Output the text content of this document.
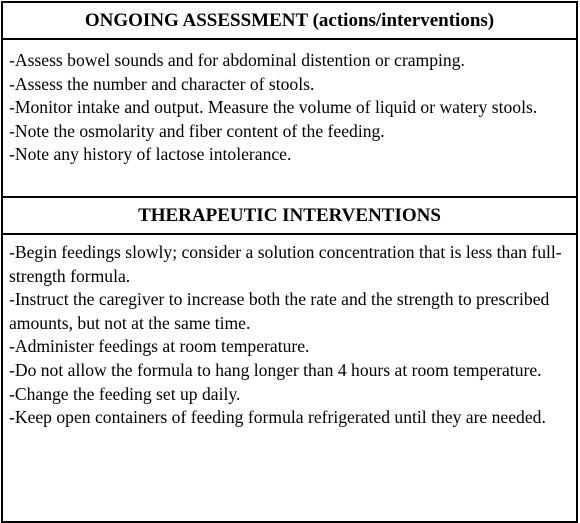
ONGOING ASSESSMENT (actions/interventions)

-Assess bowel sounds and for abdominal distention or cramping.

-Assess the number and character of stools.

-Monitor intake and output. Measure the volume of liquid or watery stools.

-Note the osmolarity and fiber content of the feeding.

-Note any history of lactose intolerance.

THERAPEUTIC INTERVENTIONS

-Begin feedings slowly; consider a solution concentration that is less than full-strength formula.

-Instruct the caregiver to increase both the rate and the strength to prescribed amounts, but not at the same time.

-Administer feedings at room temperature.

-Do not allow the formula to hang longer than 4 hours at room temperature.

-Change the feeding set up daily.

-Keep open containers of feeding formula refrigerated until they are needed.
